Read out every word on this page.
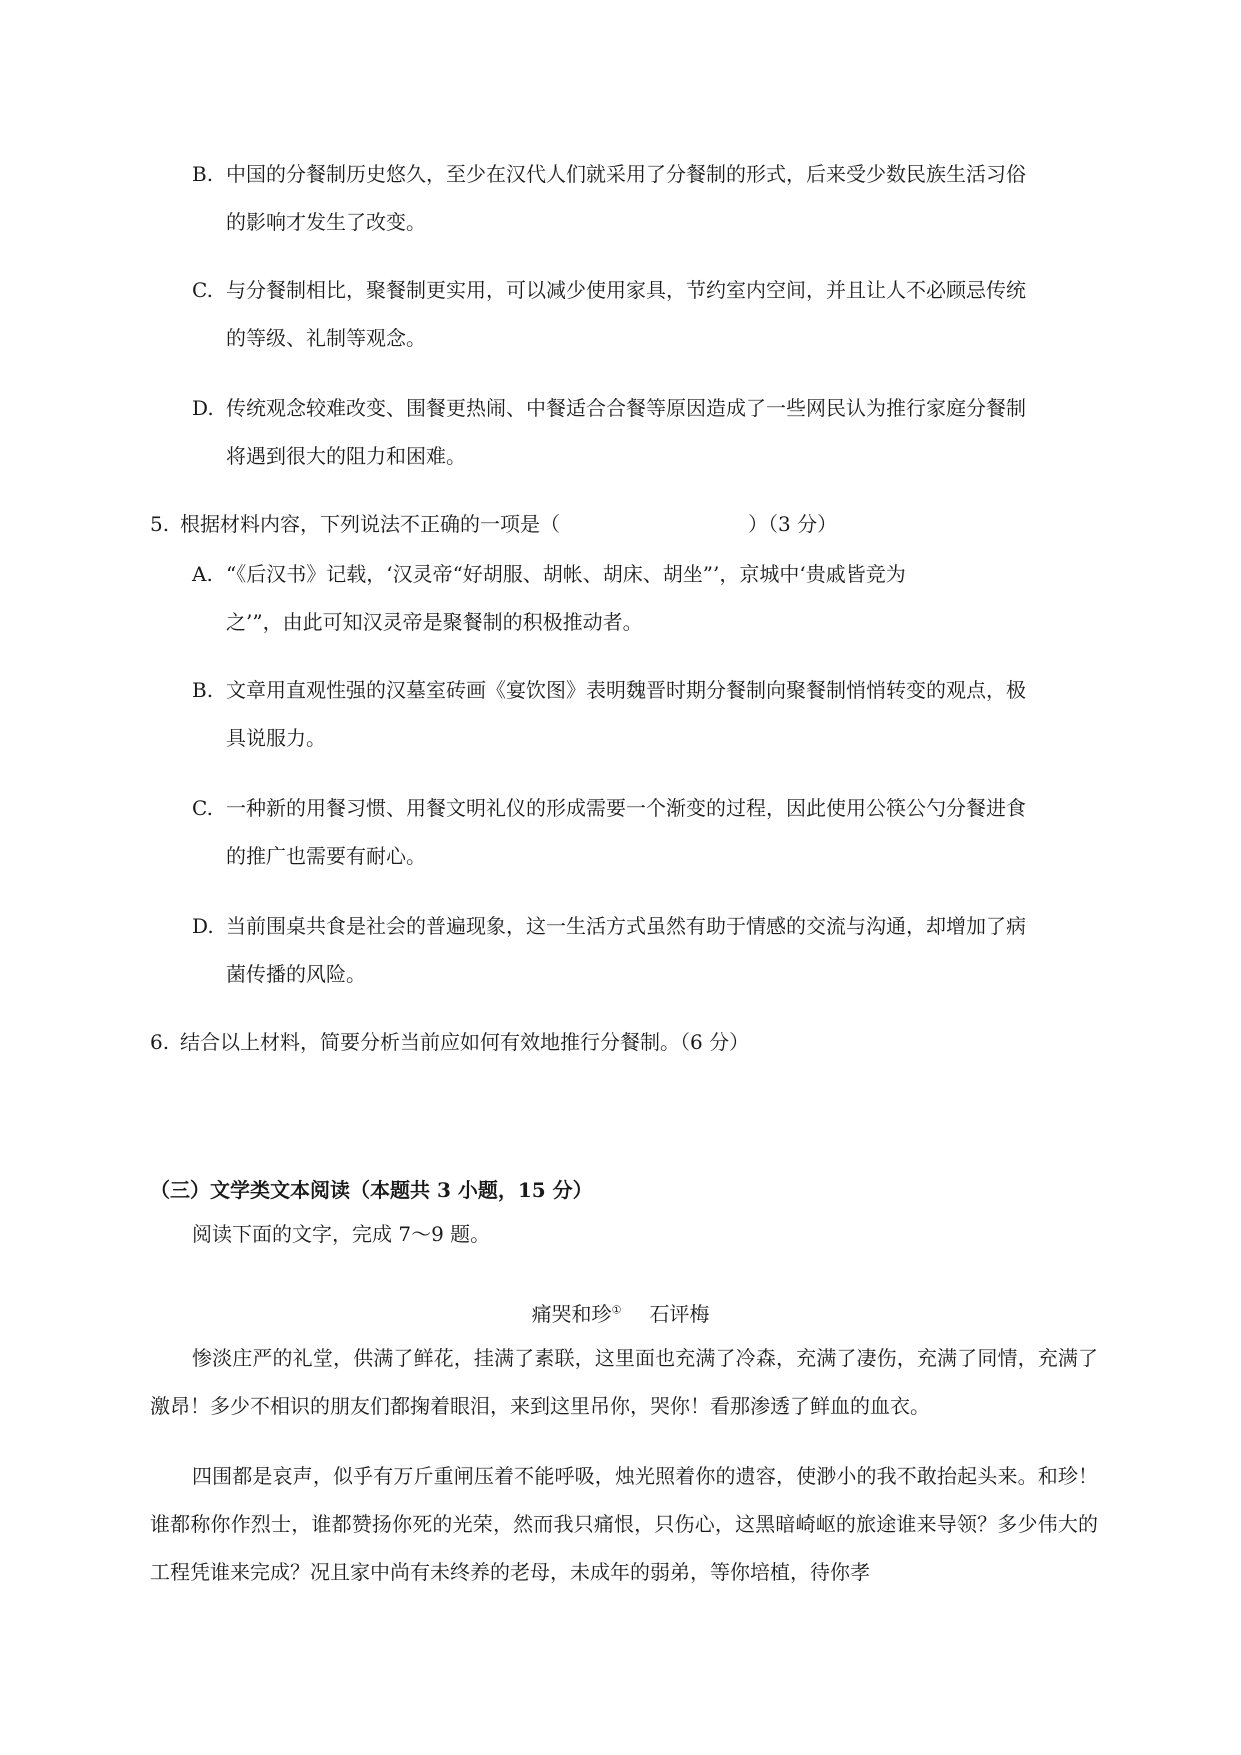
B. 中国的分餐制历史悠久，至少在汉代人们就采用了分餐制的形式，后来受少数民族生活习俗
的影响才发生了改变。
C. 与分餐制相比，聚餐制更实用，可以减少使用家具，节约室内空间，并且让人不必顾忌传统
的等级、礼制等观念。
D. 传统观念较难改变、围餐更热闹、中餐适合合餐等原因造成了一些网民认为推行家庭分餐制
将遇到很大的阻力和困难。
5. 根据材料内容，下列说法不正确的一项是（	）（3 分）
A. “《后汉书》记载，‘汉灵帝“好胡服、胡帐、胡床、胡坐”’，京城中‘贵戚皆竞为
之’”，由此可知汉灵帝是聚餐制的积极推动者。
B. 文章用直观性强的汉墓室砖画《宴饮图》表明魏晋时期分餐制向聚餐制悄悄转变的观点，极
具说服力。
C. 一种新的用餐习惯、用餐文明礼仪的形成需要一个渐变的过程，因此使用公筷公勺分餐进食
的推广也需要有耐心。
D. 当前围桌共食是社会的普遍现象，这一生活方式虽然有助于情感的交流与沟通，却增加了病
菌传播的风险。
6. 结合以上材料，简要分析当前应如何有效地推行分餐制。（6 分）
（三）文学类文本阅读（本题共 3 小题，15 分）
阅读下面的文字，完成 7～9 题。
痛哭和珍① 石评梅
惨淡庄严的礼堂，供满了鲜花，挂满了素联，这里面也充满了冷森，充满了凄伤，充满了同情，充满了激昂！多少不相识的朋友们都掬着眼泪，来到这里吊你，哭你！看那渗透了鲜血的血衣。
四围都是哀声，似乎有万斤重闸压着不能呼吸，烛光照着你的遗容，使渺小的我不敢抬起头来。和珍！谁都称你作烈士，谁都赞扬你死的光荣，然而我只痛恨，只伤心，这黑暗崎岖的旅途谁来导领？多少伟大的工程凭谁来完成？况且家中尚有未终养的老母，未成年的弱弟，等你培植，待你孝
